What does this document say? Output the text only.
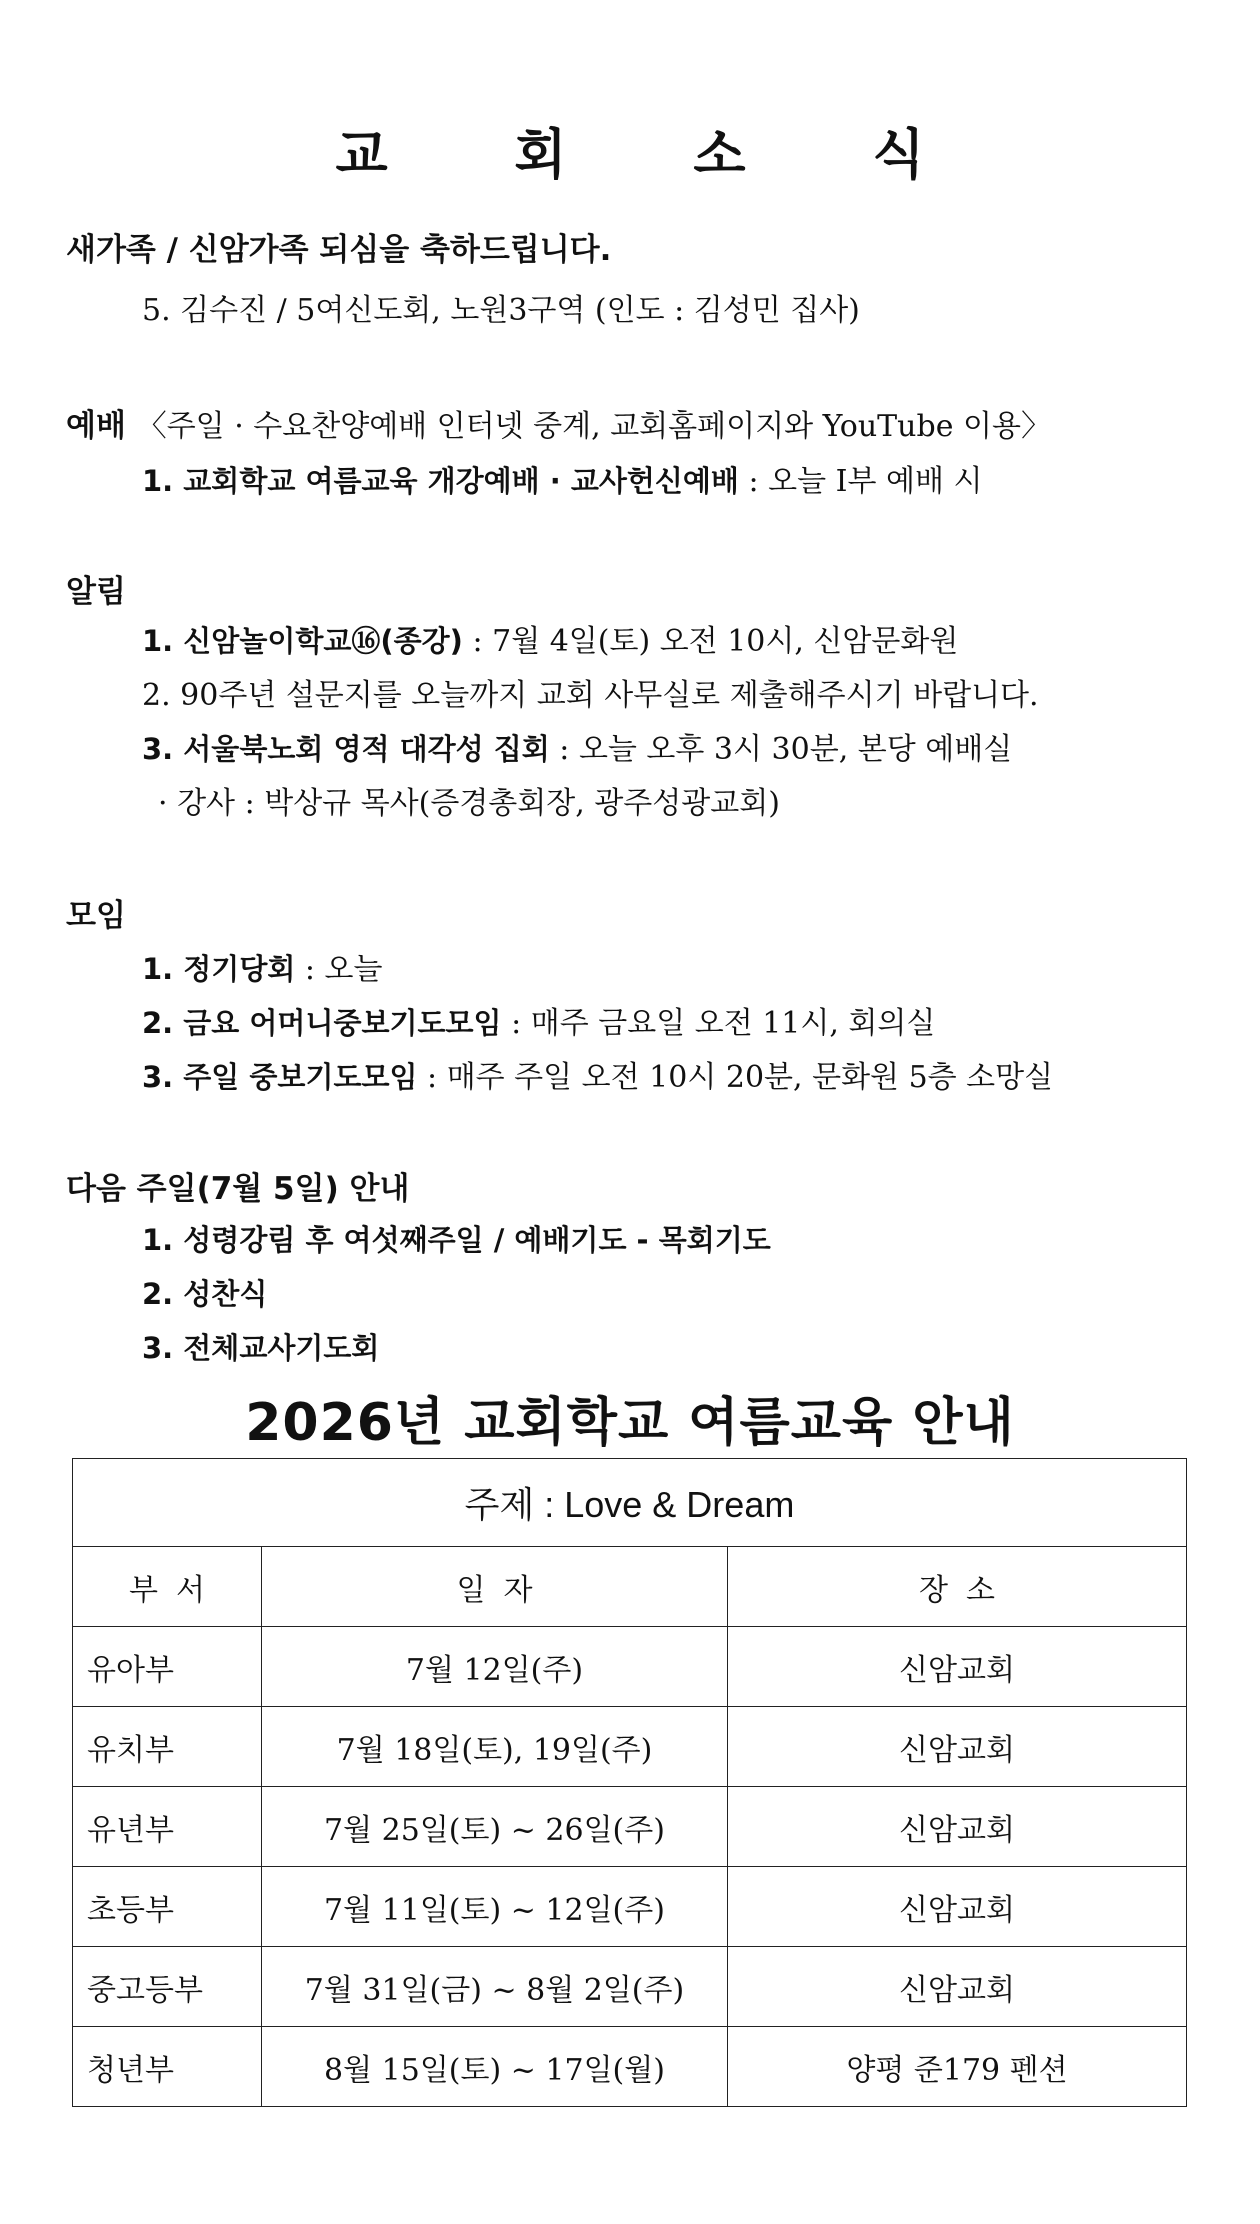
교 회 소 식
새가족 / 신암가족 되심을 축하드립니다.
5. 김수진 / 5여신도회, 노원3구역 (인도 : 김성민 집사)
예배 〈주일 · 수요찬양예배 인터넷 중계, 교회홈페이지와 YouTube 이용〉
1. 교회학교 여름교육 개강예배 · 교사헌신예배 : 오늘 Ⅰ부 예배 시
알림
1. 신암놀이학교⑯(종강) : 7월 4일(토) 오전 10시, 신암문화원
2. 90주년 설문지를 오늘까지 교회 사무실로 제출해주시기 바랍니다.
3. 서울북노회 영적 대각성 집회 : 오늘 오후 3시 30분, 본당 예배실
· 강사 : 박상규 목사(증경총회장, 광주성광교회)
모임
1. 정기당회 : 오늘
2. 금요 어머니중보기도모임 : 매주 금요일 오전 11시, 회의실
3. 주일 중보기도모임 : 매주 주일 오전 10시 20분, 문화원 5층 소망실
다음 주일(7월 5일) 안내
1. 성령강림 후 여섯째주일 / 예배기도 - 목회기도
2. 성찬식
3. 전체교사기도회
2026년 교회학교 여름교육 안내
주제 : Love & Dream		
부서	일자	장소
유아부	7월 12일(주)	신암교회
유치부	7월 18일(토), 19일(주)	신암교회
유년부	7월 25일(토) ~ 26일(주)	신암교회
초등부	7월 11일(토) ~ 12일(주)	신암교회
중고등부	7월 31일(금) ~ 8월 2일(주)	신암교회
청년부	8월 15일(토) ~ 17일(월)	양평 준179 펜션
